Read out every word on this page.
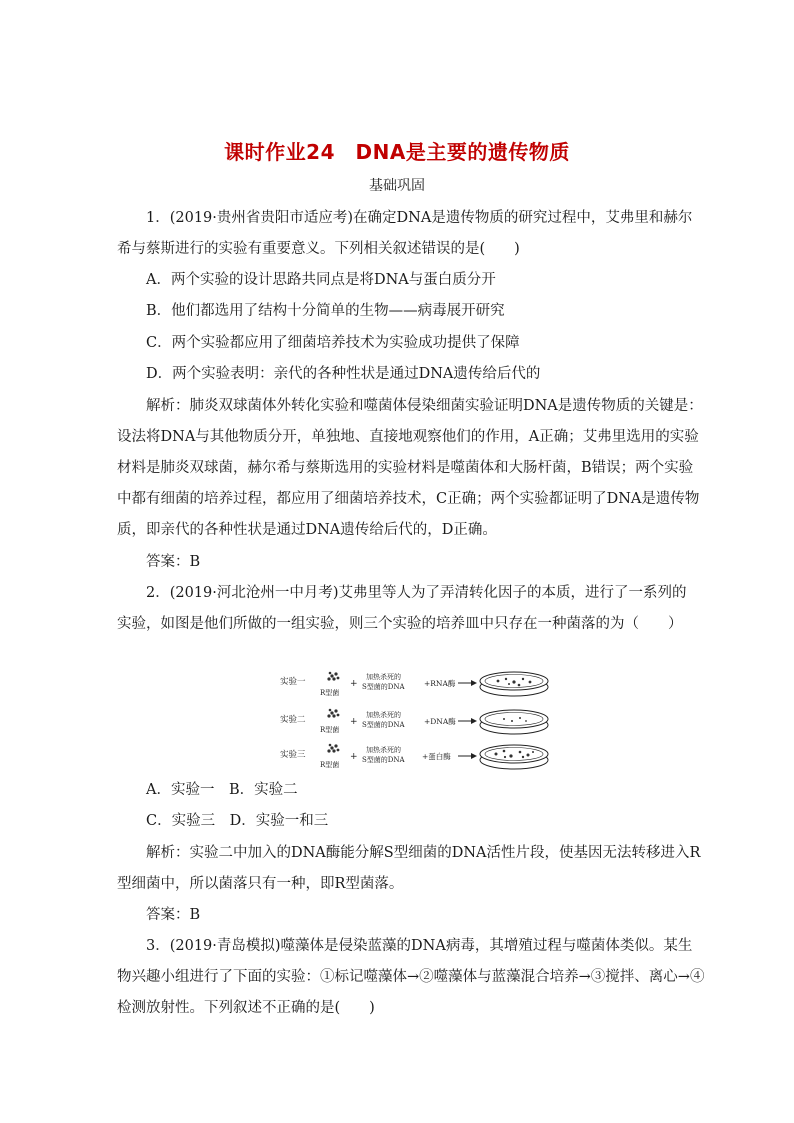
课时作业24　DNA是主要的遗传物质
基础巩固
1．(2019·贵州省贵阳市适应考)在确定DNA是遗传物质的研究过程中，艾弗里和赫尔
希与蔡斯进行的实验有重要意义。下列相关叙述错误的是(　　)
A．两个实验的设计思路共同点是将DNA与蛋白质分开
B．他们都选用了结构十分简单的生物——病毒展开研究
C．两个实验都应用了细菌培养技术为实验成功提供了保障
D．两个实验表明：亲代的各种性状是通过DNA遗传给后代的
解析：肺炎双球菌体外转化实验和噬菌体侵染细菌实验证明DNA是遗传物质的关键是：
设法将DNA与其他物质分开，单独地、直接地观察他们的作用，A正确；艾弗里选用的实验
材料是肺炎双球菌，赫尔希与蔡斯选用的实验材料是噬菌体和大肠杆菌，B错误；两个实验
中都有细菌的培养过程，都应用了细菌培养技术，C正确；两个实验都证明了DNA是遗传物
质，即亲代的各种性状是通过DNA遗传给后代的，D正确。
答案：B
2．(2019·河北沧州一中月考)艾弗里等人为了弄清转化因子的本质，进行了一系列的
实验，如图是他们所做的一组实验，则三个实验的培养皿中只存在一种菌落的为（　　）
实验一
R型菌
+
加热杀死的
S型菌的DNA	+RNA酶
实验二
R型菌
+
加热杀死的
S型菌的DNA	+DNA酶
实验三
R型菌
+
加热杀死的
S型菌的DNA +蛋白酶
A．实验一　B．实验二
C．实验三　D．实验一和三
解析：实验二中加入的DNA酶能分解S型细菌的DNA活性片段，使基因无法转移进入R
型细菌中，所以菌落只有一种，即R型菌落。
答案：B
3．(2019·青岛模拟)噬藻体是侵染蓝藻的DNA病毒，其增殖过程与噬菌体类似。某生
物兴趣小组进行了下面的实验：①标记噬藻体→②噬藻体与蓝藻混合培养→③搅拌、离心→④
检测放射性。下列叙述不正确的是(　　)
